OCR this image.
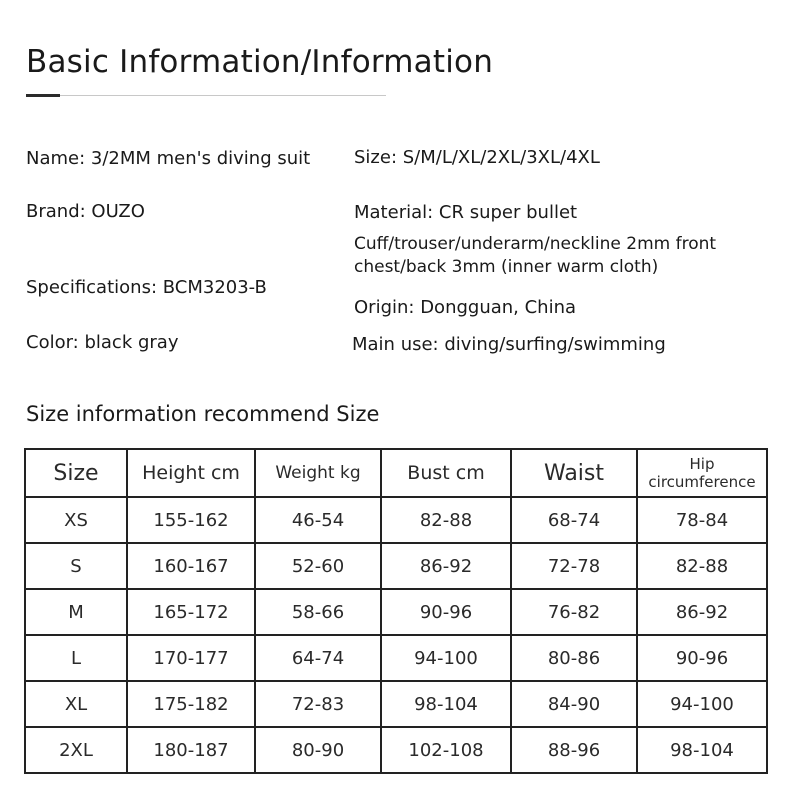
Basic Information/Information
Name: 3/2MM men's diving suit
Brand: OUZO
Specifications: BCM3203-B
Color: black gray
Size: S/M/L/XL/2XL/3XL/4XL
Material: CR super bullet
Cuff/trouser/underarm/neckline 2mm front chest/back 3mm (inner warm cloth)
Origin: Dongguan, China
Main use: diving/surfing/swimming
Size information recommend Size
Size	Height cm	Weight kg	Bust cm	Waist	Hip
circumference

XS	155-162	46-54	82-88	68-74	78-84
S	160-167	52-60	86-92	72-78	82-88
M	165-172	58-66	90-96	76-82	86-92
L	170-177	64-74	94-100	80-86	90-96
XL	175-182	72-83	98-104	84-90	94-100
2XL	180-187	80-90	102-108	88-96	98-104
